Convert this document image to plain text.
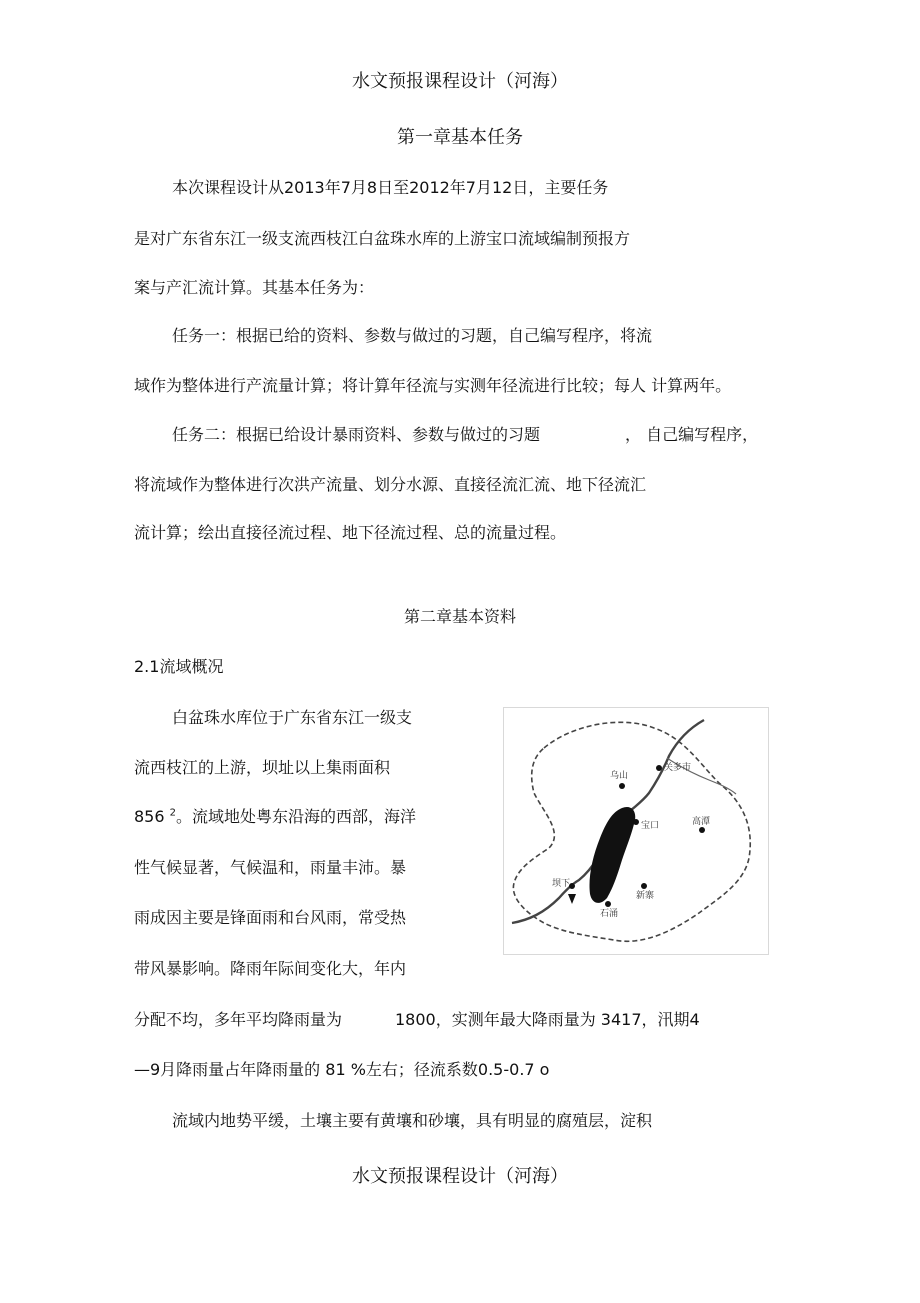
水文预报课程设计（河海）
第一章基本任务
本次课程设计从2013年7月8日至2012年7月12日，主要任务
是对广东省东江一级支流西枝江白盆珠水库的上游宝口流域编制预报方
案与产汇流计算。其基本任务为：
任务一：根据已给的资料、参数与做过的习题，自己编写程序，将流
域作为整体进行产流量计算；将计算年径流与实测年径流进行比较；每人 计算两年。
任务二：根据已给设计暴雨资料、参数与做过的习题	， 自己编写程序，
将流域作为整体进行次洪产流量、划分水源、直接径流汇流、地下径流汇
流计算；绘出直接径流过程、地下径流过程、总的流量过程。
第二章基本资料
2.1流域概况
白盆珠水库位于广东省东江一级支
流西枝江的上游，坝址以上集雨面积
856 $^2$。流域地处粤东沿海的西部，海洋
性气候显著，气候温和，雨量丰沛。暴
雨成因主要是锋面雨和台风雨，常受热
带风暴影响。降雨年际间变化大，年内
分配不均，多年平均降雨量为	1800，实测年最大降雨量为 3417，汛期4
—9月降雨量占年降雨量的 81 %左右；径流系数0.5-0.7 o
流域内地势平缓，土壤主要有黄壤和砂壤，具有明显的腐殖层，淀积
水文预报课程设计（河海）
乌山
关多市
宝口	高潭
坝下
新寨
石涌
